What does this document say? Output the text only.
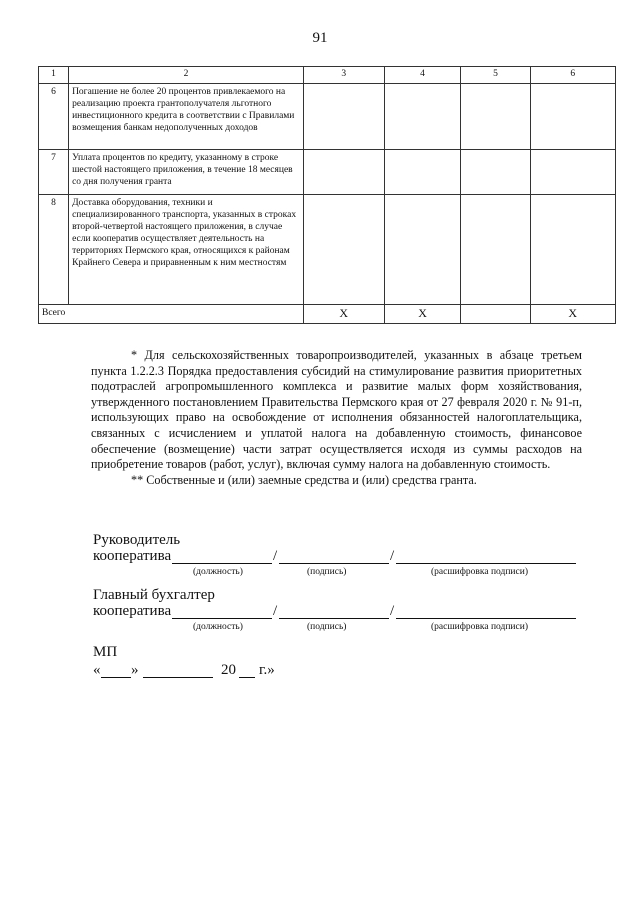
91
1	2	3	4	5	6
6	Погашение не более 20 процентов привлекаемого на реализацию проекта грантополучателя льготного инвестиционного кредита в соответствии с Правилами возмещения банкам недополученных доходов				
7	Уплата процентов по кредиту, указанному в строке шестой настоящего приложения, в течение 18 месяцев со дня получения гранта				
8	Доставка оборудования, техники и специализированного транспорта, указанных в строках второй-четвертой настоящего приложения, в случае если кооператив осуществляет деятельность на территориях Пермского края, относящихся к районам Крайнего Севера и приравненным к ним местностям				
Всего		X	X		X

* Для сельскохозяйственных товаропроизводителей, указанных в абзаце третьем пункта 1.2.2.3 Порядка предоставления субсидий на стимулирование развития приоритетных подотраслей агропромышленного комплекса и развитие малых форм хозяйствования, утвержденного постановлением Правительства Пермского края от 27 февраля 2020 г. № 91-п, использующих право на освобождение от исполнения обязанностей налогоплательщика, связанных с исчислением и уплатой налога на добавленную стоимость, финансовое обеспечение (возмещение) части затрат осуществляется исходя из суммы расходов на приобретение товаров (работ, услуг), включая сумму налога на добавленную стоимость.

** Собственные и (или) заемные средства и (или) средства гранта.

Руководитель
кооператива	/	/
(должность)	(подпись)	(расшифровка подписи)
Главный бухгалтер
кооператива	/	/
(должность)	(подпись)	(расшифровка подписи)
МП
« »	20 г.»
